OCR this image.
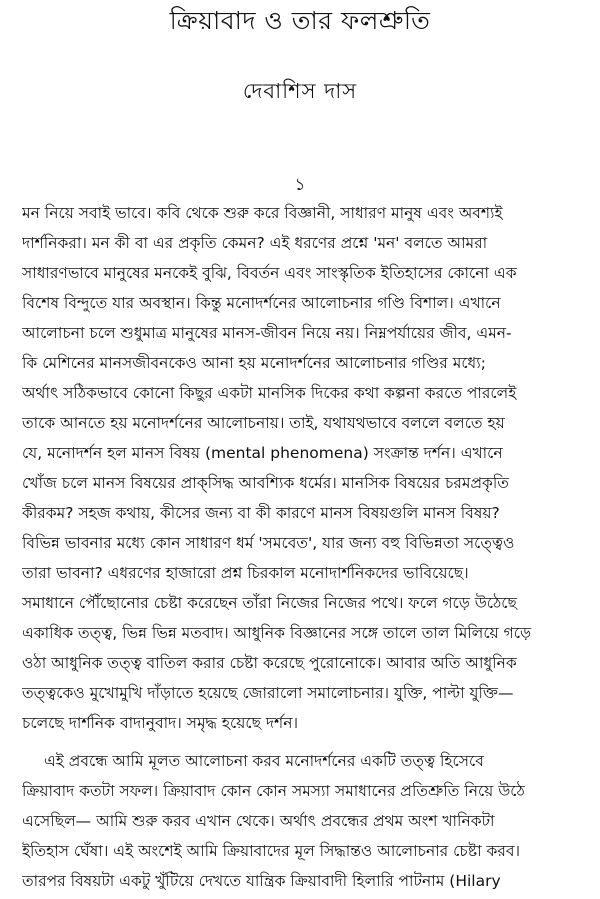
ক্রিয়াবাদ ও তার ফলশ্রুতি
দেবাশিস দাস
১
মন নিয়ে সবাই ভাবে। কবি থেকে শুরু করে বিজ্ঞানী, সাধারণ মানুষ এবং অবশ্যই
দার্শনিকরা। মন কী বা এর প্রকৃতি কেমন? এই ধরণের প্রশ্নে 'মন' বলতে আমরা
সাধারণভাবে মানুষের মনকেই বুঝি, বিবর্তন এবং সাংস্কৃতিক ইতিহাসের কোনো এক
বিশেষ বিন্দুতে যার অবস্থান। কিন্তু মনোদর্শনের আলোচনার গণ্ডি বিশাল। এখানে
আলোচনা চলে শুধুমাত্র মানুষের মানস-জীবন নিয়ে নয়। নিম্নপর্যায়ের জীব, এমন-
কি মেশিনের মানসজীবনকেও আনা হয় মনোদর্শনের আলোচনার গণ্ডির মধ্যে;
অর্থাৎ সঠিকভাবে কোনো কিছুর একটা মানসিক দিকের কথা কল্পনা করতে পারলেই
তাকে আনতে হয় মনোদর্শনের আলোচনায়। তাই, যথাযথভাবে বললে বলতে হয়
যে, মনোদর্শন হল মানস বিষয় (mental phenomena) সংক্রান্ত দর্শন। এখানে
খোঁজ চলে মানস বিষয়ের প্রাক্‌সিদ্ধ আবশ্যিক ধর্মের। মানসিক বিষয়ের চরমপ্রকৃতি
কীরকম? সহজ কথায়, কীসের জন্য বা কী কারণে মানস বিষয়গুলি মানস বিষয়?
বিভিন্ন ভাবনার মধ্যে কোন সাধারণ ধর্ম 'সমবেত', যার জন্য বহু বিভিন্নতা সত্ত্বেও
তারা ভাবনা? এধরণের হাজারো প্রশ্ন চিরকাল মনোদার্শনিকদের ভাবিয়েছে।
সমাধানে পৌঁছোনোর চেষ্টা করেছেন তাঁরা নিজের নিজের পথে। ফলে গড়ে উঠেছে
একাধিক তত্ত্ব, ভিন্ন ভিন্ন মতবাদ। আধুনিক বিজ্ঞানের সঙ্গে তালে তাল মিলিয়ে গড়ে
ওঠা আধুনিক তত্ত্ব বাতিল করার চেষ্টা করেছে পুরোনোকে। আবার অতি আধুনিক
তত্ত্বকেও মুখোমুখি দাঁড়াতে হয়েছে জোরালো সমালোচনার। যুক্তি, পাল্টা যুক্তি—
চলেছে দার্শনিক বাদানুবাদ। সমৃদ্ধ হয়েছে দর্শন।
এই প্রবন্ধে আমি মূলত আলোচনা করব মনোদর্শনের একটি তত্ত্ব হিসেবে
ক্রিয়াবাদ কতটা সফল। ক্রিয়াবাদ কোন কোন সমস্যা সমাধানের প্রতিশ্রুতি নিয়ে উঠে
এসেছিল— আমি শুরু করব এখান থেকে। অর্থাৎ প্রবন্ধের প্রথম অংশ খানিকটা
ইতিহাস ঘেঁষা। এই অংশেই আমি ক্রিয়াবাদের মূল সিদ্ধান্তও আলোচনার চেষ্টা করব।
তারপর বিষয়টা একটু খুঁটিয়ে দেখতে যান্ত্রিক ক্রিয়াবাদী হিলারি পাটনাম (Hilary
